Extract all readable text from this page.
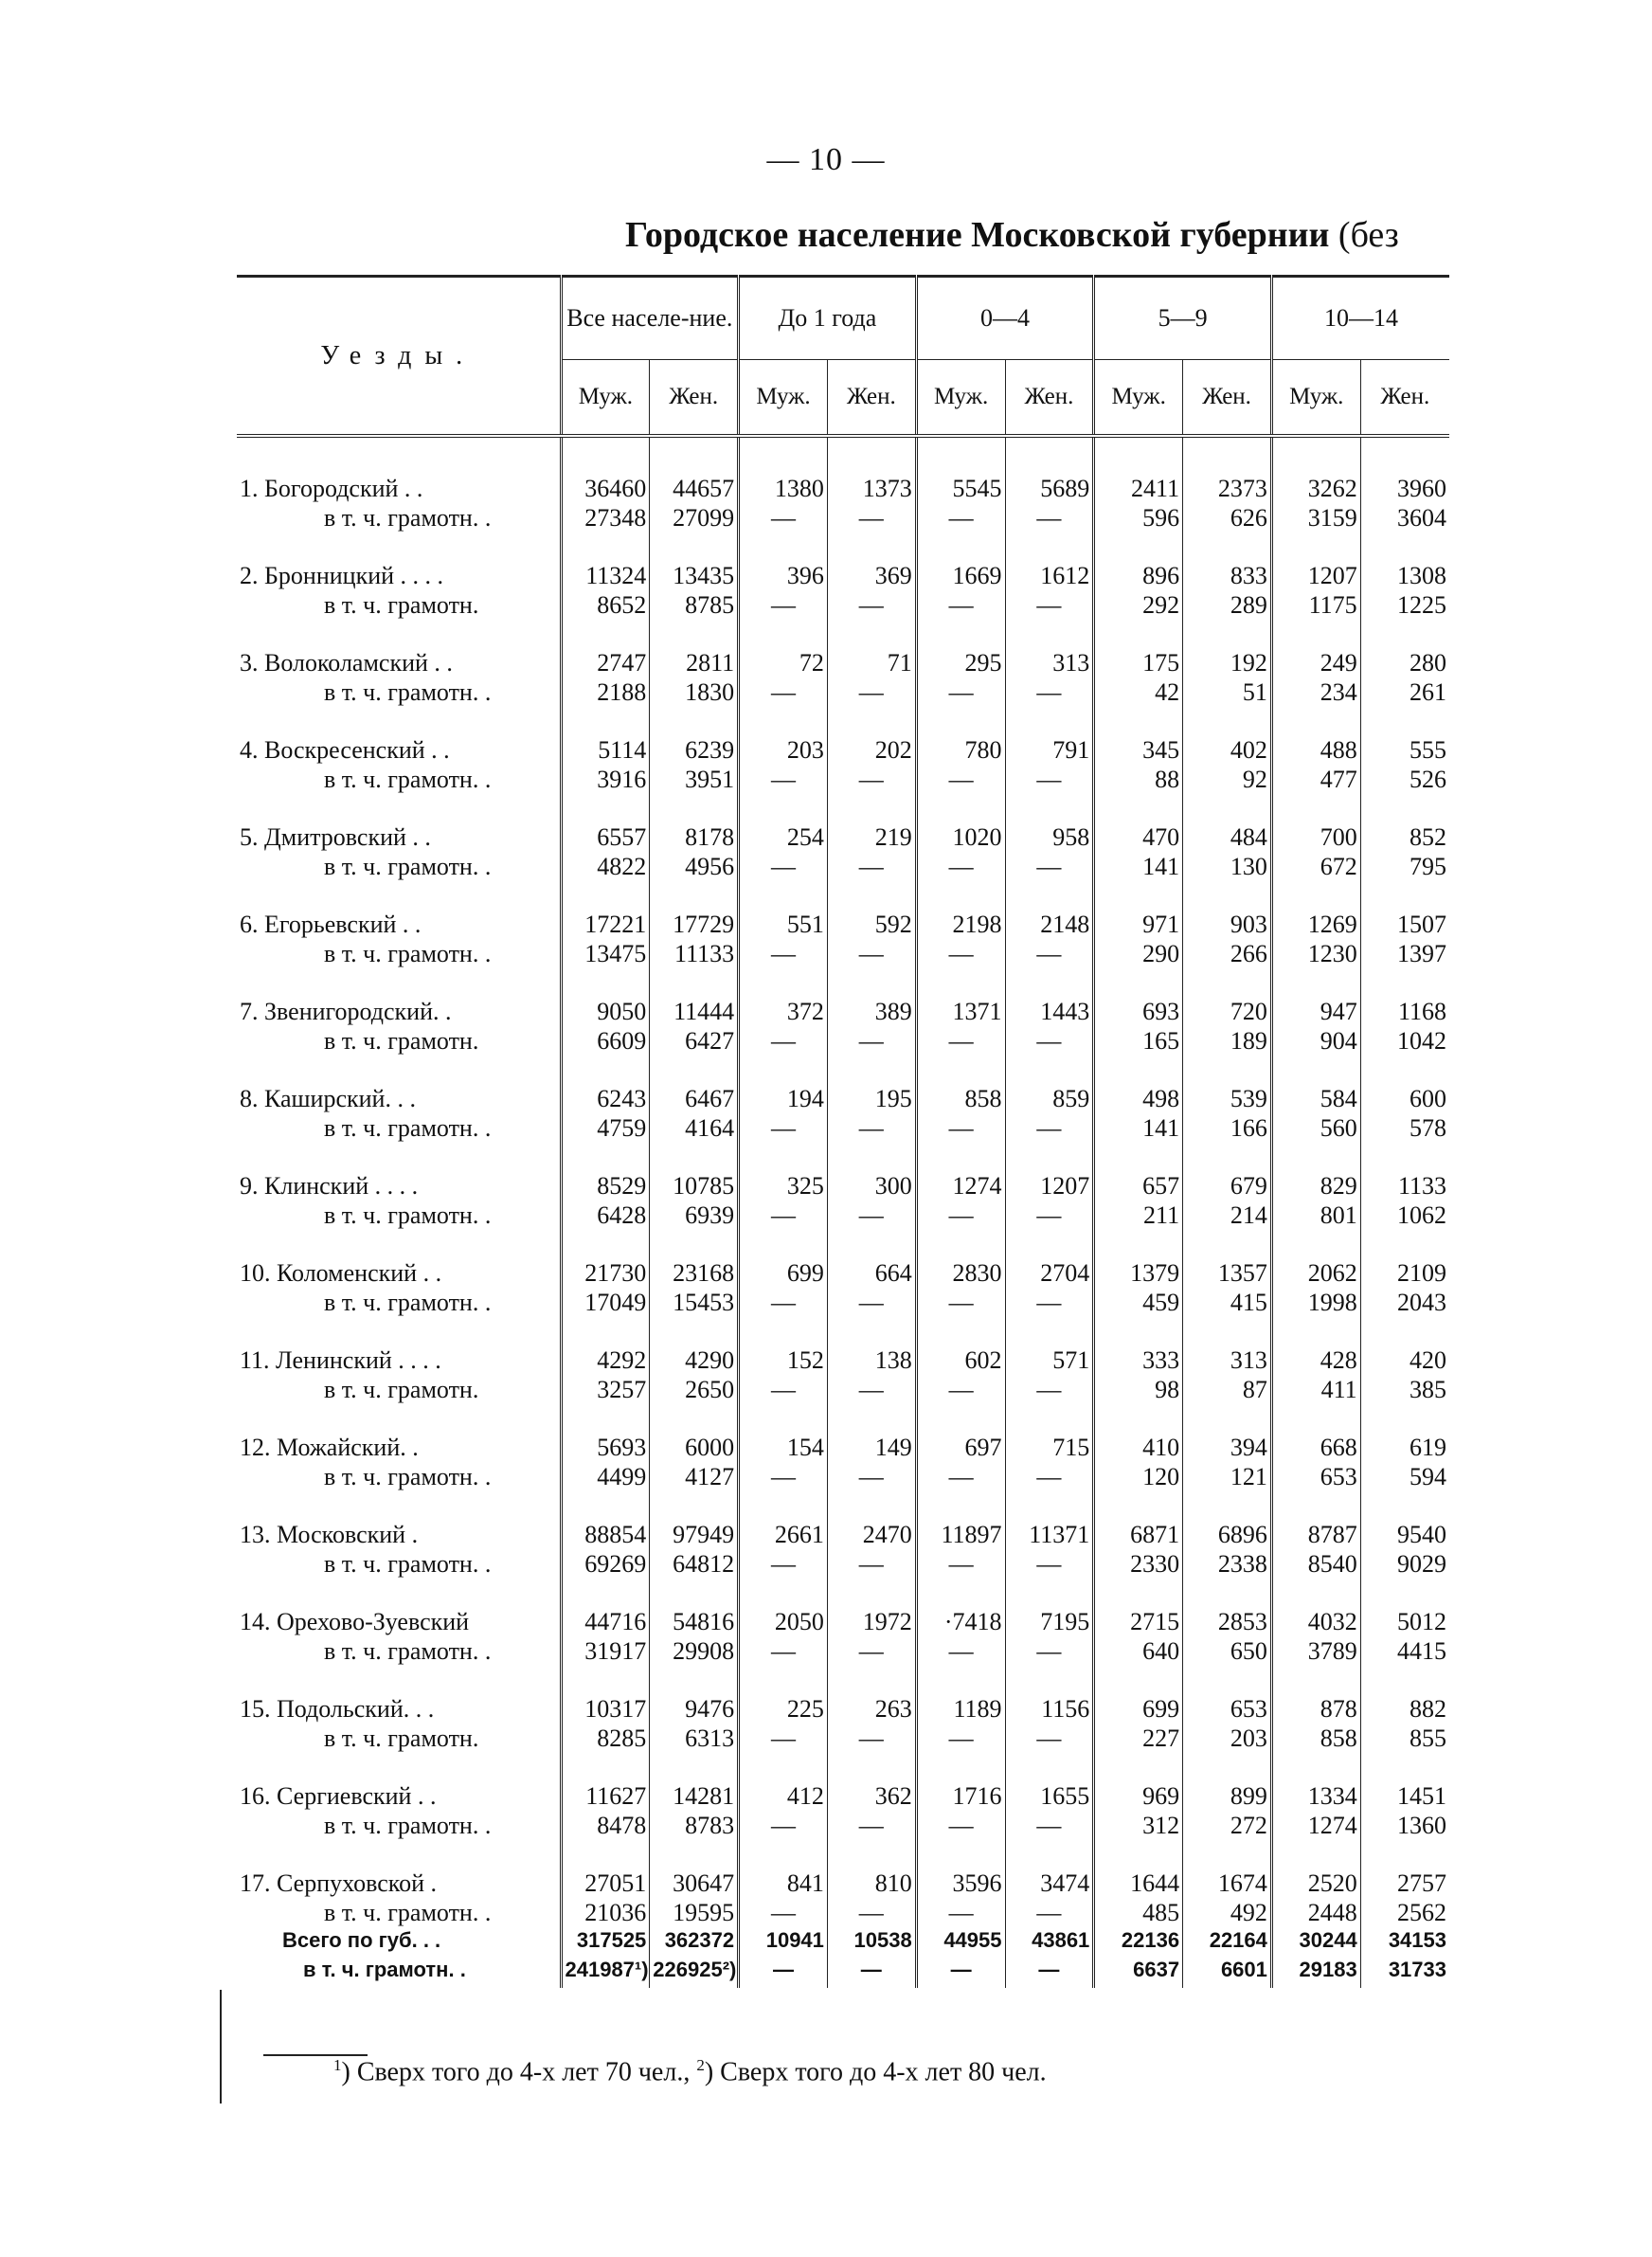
— 10 —
Городское население Московской губернии (без
Уезды.	Все населе-ние.		До 1 года		0—4		5—9		10—14	
	Муж.	Жен.	Муж.	Жен.	Муж.	Жен.	Муж.	Жен.	Муж.	Жен.

1. Богородский . .	36460	44657	1380	1373	5545	5689	2411	2373	3262	3960
в т. ч. грамотн. .	27348	27099	—	—	—	—	596	626	3159	3604

2. Бронницкий . . . .	11324	13435	396	369	1669	1612	896	833	1207	1308
в т. ч. грамотн.	8652	8785	—	—	—	—	292	289	1175	1225

3. Волоколамский . .	2747	2811	72	71	295	313	175	192	249	280
в т. ч. грамотн. .	2188	1830	—	—	—	—	42	51	234	261

4. Воскресенский . .	5114	6239	203	202	780	791	345	402	488	555
в т. ч. грамотн. .	3916	3951	—	—	—	—	88	92	477	526

5. Дмитровский . .	6557	8178	254	219	1020	958	470	484	700	852
в т. ч. грамотн. .	4822	4956	—	—	—	—	141	130	672	795

6. Егорьевский . .	17221	17729	551	592	2198	2148	971	903	1269	1507
в т. ч. грамотн. .	13475	11133	—	—	—	—	290	266	1230	1397

7. Звенигородский. .	9050	11444	372	389	1371	1443	693	720	947	1168
в т. ч. грамотн.	6609	6427	—	—	—	—	165	189	904	1042

8. Каширский. . .	6243	6467	194	195	858	859	498	539	584	600
в т. ч. грамотн. .	4759	4164	—	—	—	—	141	166	560	578

9. Клинский . . . .	8529	10785	325	300	1274	1207	657	679	829	1133
в т. ч. грамотн. .	6428	6939	—	—	—	—	211	214	801	1062

10. Коломенский . .	21730	23168	699	664	2830	2704	1379	1357	2062	2109
в т. ч. грамотн. .	17049	15453	—	—	—	—	459	415	1998	2043

11. Ленинский . . . .	4292	4290	152	138	602	571	333	313	428	420
в т. ч. грамотн.	3257	2650	—	—	—	—	98	87	411	385

12. Можайский. .	5693	6000	154	149	697	715	410	394	668	619
в т. ч. грамотн. .	4499	4127	—	—	—	—	120	121	653	594

13. Московский .	88854	97949	2661	2470	11897	11371	6871	6896	8787	9540
в т. ч. грамотн. .	69269	64812	—	—	—	—	2330	2338	8540	9029

14. Орехово-Зуевский	44716	54816	2050	1972	·7418	7195	2715	2853	4032	5012
в т. ч. грамотн. .	31917	29908	—	—	—	—	640	650	3789	4415

15. Подольский. . .	10317	9476	225	263	1189	1156	699	653	878	882
в т. ч. грамотн.	8285	6313	—	—	—	—	227	203	858	855

16. Сергиевский . .	11627	14281	412	362	1716	1655	969	899	1334	1451
в т. ч. грамотн. .	8478	8783	—	—	—	—	312	272	1274	1360

17. Серпуховской .	27051	30647	841	810	3596	3474	1644	1674	2520	2757
в т. ч. грамотн. .	21036	19595	—	—	—	—	485	492	2448	2562
Всего по губ. . .	317525	362372	10941	10538	44955	43861	22136	22164	30244	34153
в т. ч. грамотн. .	241987¹)	226925²)	—	—	—	—	6637	6601	29183	31733
$^1$) Сверх того до 4-х лет 70 чел., $^2$) Сверх того до 4-х лет 80 чел.
